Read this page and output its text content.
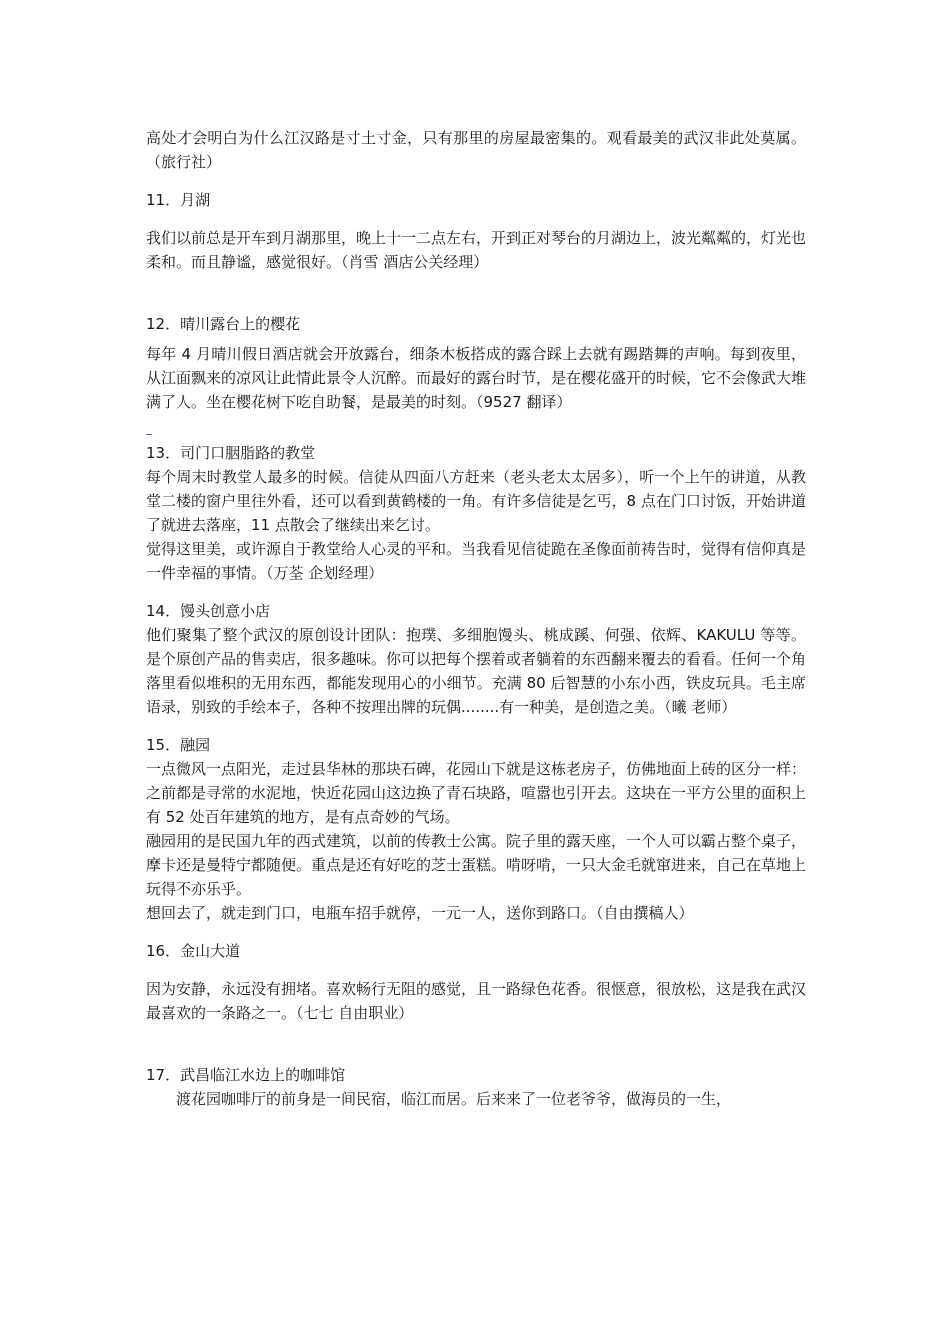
高处才会明白为什么江汉路是寸土寸金，只有那里的房屋最密集的。观看最美的武汉非此处莫属。（旅行社）

11．月湖

我们以前总是开车到月湖那里，晚上十一二点左右，开到正对琴台的月湖边上，波光粼粼的，灯光也柔和。而且静谧，感觉很好。（肖雪 酒店公关经理）

12．晴川露台上的樱花

每年 4 月晴川假日酒店就会开放露台，细条木板搭成的露合踩上去就有踢踏舞的声响。每到夜里，从江面飘来的凉风让此情此景令人沉醉。而最好的露台时节，是在樱花盛开的时候，它不会像武大堆满了人。坐在樱花树下吃自助餐，是最美的时刻。（9527 翻译）

13．司门口胭脂路的教堂

每个周末时教堂人最多的时候。信徒从四面八方赶来（老头老太太居多），听一个上午的讲道，从教堂二楼的窗户里往外看，还可以看到黄鹤楼的一角。有许多信徒是乞丐，8 点在门口讨饭，开始讲道了就进去落座，11 点散会了继续出来乞讨。

觉得这里美，或许源自于教堂给人心灵的平和。当我看见信徒跪在圣像面前祷告时，觉得有信仰真是一件幸福的事情。（万荃 企划经理）

14．馒头创意小店

他们聚集了整个武汉的原创设计团队：抱璞、多细胞馒头、桃成蹊、何强、依辉、KAKULU 等等。是个原创产品的售卖店，很多趣味。你可以把每个摆着或者躺着的东西翻来覆去的看看。任何一个角落里看似堆积的无用东西，都能发现用心的小细节。充满 80 后智慧的小东小西，铁皮玩具。毛主席语录，别致的手绘本子，各种不按理出牌的玩偶........有一种美，是创造之美。（曦 老师）

15．融园

一点微风一点阳光，走过县华林的那块石碑，花园山下就是这栋老房子，仿佛地面上砖的区分一样：之前都是寻常的水泥地，快近花园山这边换了青石块路，喧嚣也引开去。这块在一平方公里的面积上有 52 处百年建筑的地方，是有点奇妙的气场。

融园用的是民国九年的西式建筑，以前的传教士公寓。院子里的露天座，一个人可以霸占整个桌子，摩卡还是曼特宁都随便。重点是还有好吃的芝士蛋糕。啃呀啃，一只大金毛就窜进来，自己在草地上玩得不亦乐乎。

想回去了，就走到门口，电瓶车招手就停，一元一人，送你到路口。（自由撰稿人）

16．金山大道

因为安静，永远没有拥堵。喜欢畅行无阻的感觉，且一路绿色花香。很惬意，很放松，这是我在武汉最喜欢的一条路之一。（七七 自由职业）

17．武昌临江水边上的咖啡馆

渡花园咖啡厅的前身是一间民宿，临江而居。后来来了一位老爷爷，做海员的一生，
